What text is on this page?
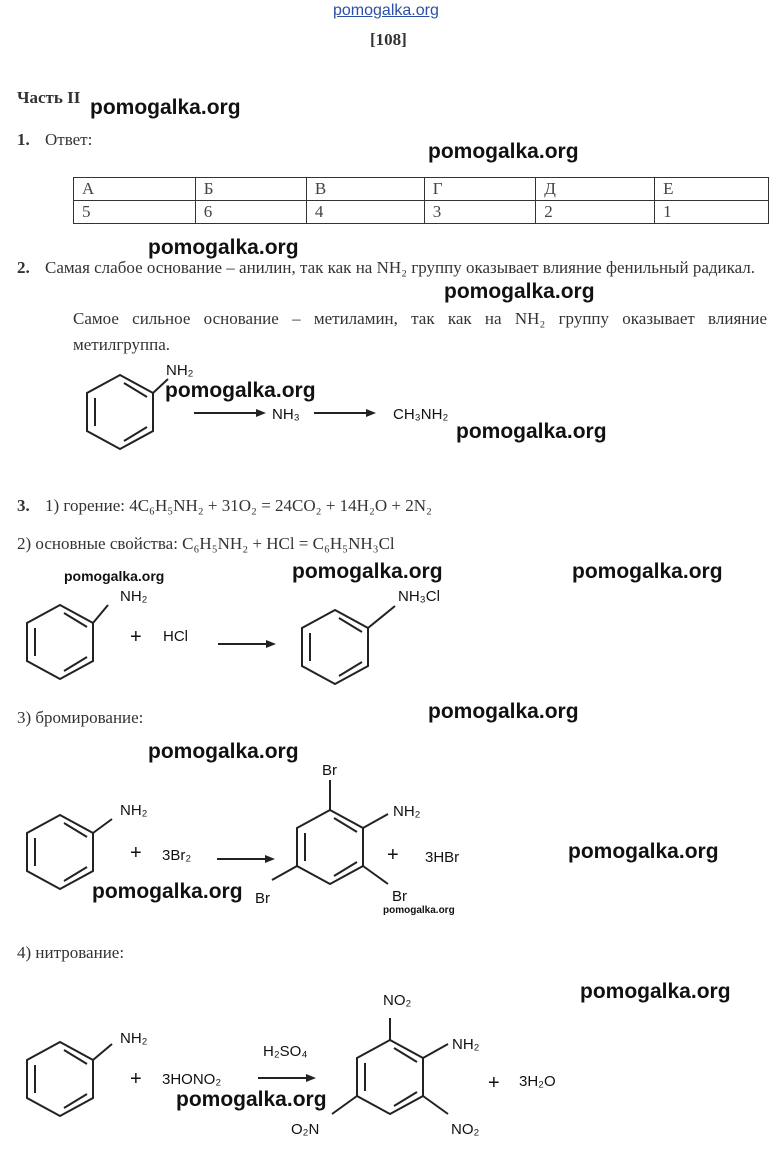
pomogalka.org
[108]
Часть II
1. Ответ:
А	Б	В	Г	Д	Е
5	6	4	3	2	1
2. Самая слабое основание – анилин, так как на NH₂ группу оказывает влияние фенильный радикал.
Самое сильное основание – метиламин, так как на NH₂ группу оказывает влияние метилгруппа.
NH₂
NH₃	CH₃NH₂
3. 1) горение: 4C₆H₅NH₂ + 31O₂ = 24CO₂ + 14H₂O + 2N₂
2) основные свойства: C₆H₅NH₂ + HCl = C₆H₅NH₃Cl
NH₂
+ HCl
NH₃Cl
3) бромирование:
NH₂
+ 3Br₂
Br
NH₂
Br
Br
+ 3HBr
4) нитрование:
NH₂
+ 3HONO₂
H₂SO₄
NO₂
NH₂
NO₂
O₂N
+ 3H₂O
pomogalka.org
pomogalka.org
pomogalka.org
pomogalka.org
pomogalka.org
pomogalka.org
pomogalka.org	pomogalka.org	pomogalka.org
pomogalka.org
pomogalka.org
pomogalka.org
pomogalka.org
pomogalka.org
pomogalka.org
pomogalka.org
